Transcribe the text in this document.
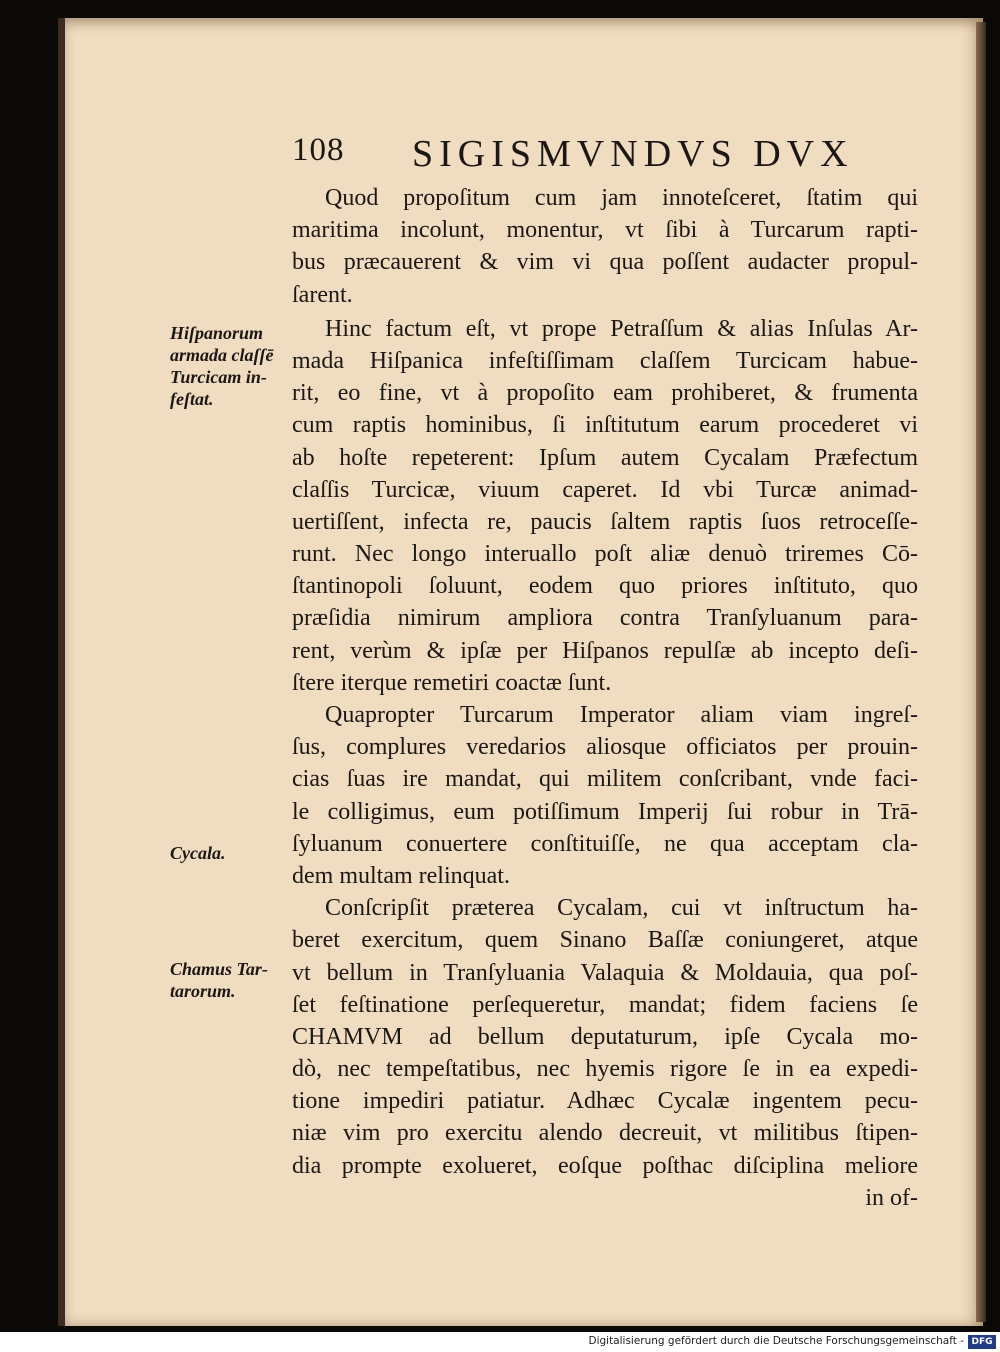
108 SIGISMVNDVS DVX
Quod propoſitum cum jam innoteſceret, ſtatim qui
maritima incolunt, monentur, vt ſibi à Turcarum rapti-
bus præcauerent & vim vi qua poſſent audacter propul-
ſarent.
Hinc factum eſt, vt prope Petraſſum & alias Inſulas Ar-
mada Hiſpanica infeſtiſſimam claſſem Turcicam habue-
rit, eo fine, vt à propoſito eam prohiberet, & frumenta
cum raptis hominibus, ſi inſtitutum earum procederet vi
ab hoſte repeterent: Ipſum autem Cycalam Præfectum
claſſis Turcicæ, viuum caperet. Id vbi Turcæ animad-
uertiſſent, infecta re, paucis ſaltem raptis ſuos retroceſſe-
runt. Nec longo interuallo poſt aliæ denuò triremes Cō-
ſtantinopoli ſoluunt, eodem quo priores inſtituto, quo
præſidia nimirum ampliora contra Tranſyluanum para-
rent, verùm & ipſæ per Hiſpanos repulſæ ab incepto deſi-
ſtere iterque remetiri coactæ ſunt.
Quapropter Turcarum Imperator aliam viam ingreſ-
ſus, complures veredarios aliosque officiatos per prouin-
cias ſuas ire mandat, qui militem conſcribant, vnde faci-
le colligimus, eum potiſſimum Imperij ſui robur in Trā-
ſyluanum conuertere conſtituiſſe, ne qua acceptam cla-
dem multam relinquat.
Conſcripſit præterea Cycalam, cui vt inſtructum ha-
beret exercitum, quem Sinano Baſſæ coniungeret, atque
vt bellum in Tranſyluania Valaquia & Moldauia, qua poſ-
ſet feſtinatione perſequeretur, mandat; fidem faciens ſe
CHAMVM ad bellum deputaturum, ipſe Cycala mo-
dò, nec tempeſtatibus, nec hyemis rigore ſe in ea expedi-
tione impediri patiatur. Adhæc Cycalæ ingentem pecu-
niæ vim pro exercitu alendo decreuit, vt militibus ſtipen-
dia prompte exolueret, eoſque poſthac diſciplina meliore
in of-
Hiſpanorum
armada claſſē
Turcicam in-
feſtat.
Cycala.
Chamus Tar-
tarorum.
Digitalisierung gefördert durch die Deutsche Forschungsgemeinschaft - DFG
